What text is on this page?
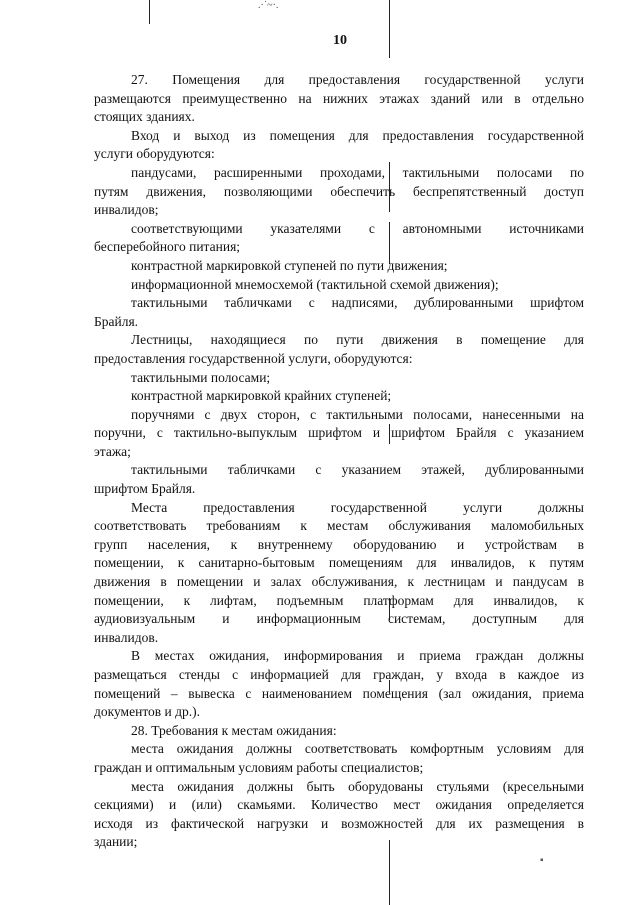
.·˙~·.
▪
10
27. Помещения для предоставления государственной услуги
размещаются преимущественно на нижних этажах зданий или в отдельно
стоящих зданиях.
Вход и выход из помещения для предоставления государственной
услуги оборудуются:
пандусами, расширенными проходами, тактильными полосами по
путям движения, позволяющими обеспечить беспрепятственный доступ
инвалидов;
соответствующими указателями с автономными источниками
бесперебойного питания;
контрастной маркировкой ступеней по пути движения;
информационной мнемосхемой (тактильной схемой движения);
тактильными табличками с надписями, дублированными шрифтом
Брайля.
Лестницы, находящиеся по пути движения в помещение для
предоставления государственной услуги, оборудуются:
тактильными полосами;
контрастной маркировкой крайних ступеней;
поручнями с двух сторон, с тактильными полосами, нанесенными на
поручни, с тактильно-выпуклым шрифтом и шрифтом Брайля с указанием
этажа;
тактильными табличками с указанием этажей, дублированными
шрифтом Брайля.
Места предоставления государственной услуги должны
соответствовать требованиям к местам обслуживания маломобильных
групп населения, к внутреннему оборудованию и устройствам в
помещении, к санитарно-бытовым помещениям для инвалидов, к путям
движения в помещении и залах обслуживания, к лестницам и пандусам в
помещении, к лифтам, подъемным платформам для инвалидов, к
аудиовизуальным и информационным системам, доступным для
инвалидов.
В местах ожидания, информирования и приема граждан должны
размещаться стенды с информацией для граждан, у входа в каждое из
помещений – вывеска с наименованием помещения (зал ожидания, приема
документов и др.).
28. Требования к местам ожидания:
места ожидания должны соответствовать комфортным условиям для
граждан и оптимальным условиям работы специалистов;
места ожидания должны быть оборудованы стульями (кресельными
секциями) и (или) скамьями. Количество мест ожидания определяется
исходя из фактической нагрузки и возможностей для их размещения в
здании;
